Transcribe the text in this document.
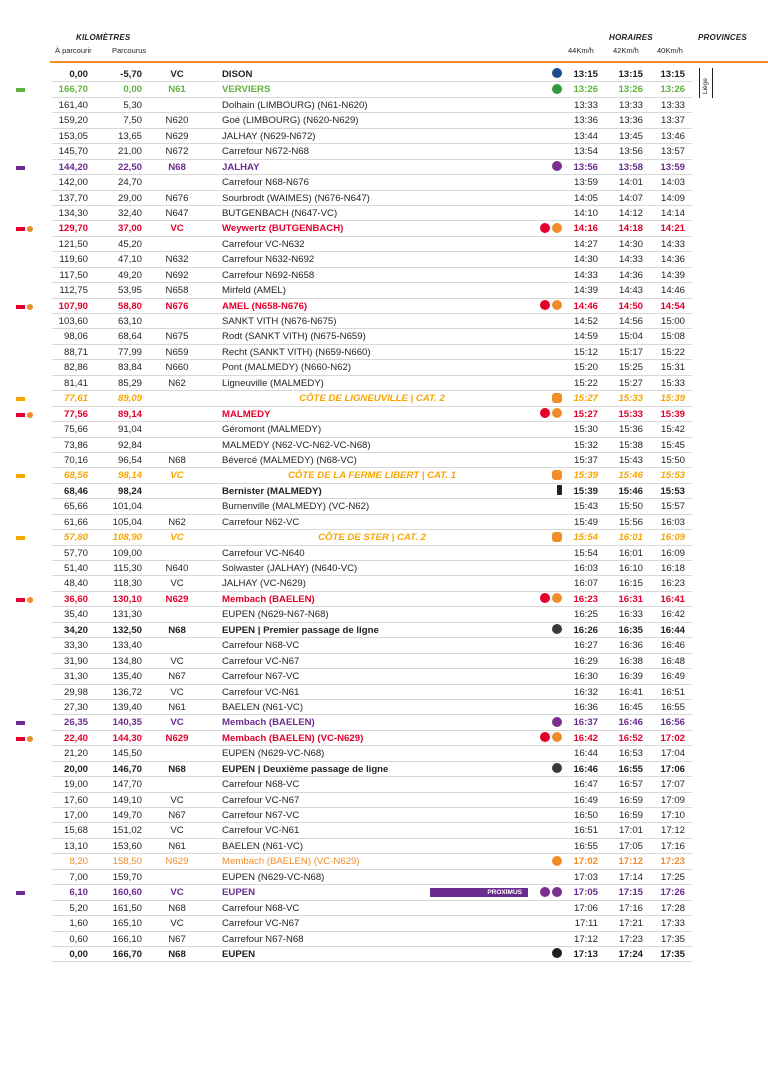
KILOMÈTRES
À parcourir	Parcourus
HORAIRES	PROVINCES
44Km/h	42Km/h 40Km/h
Liège
0,00	-5,70	VC	DISON	13:15	13:15	13:15
166,70	0,00	N61	VERVIERS	13:26	13:26	13:26
161,40	5,30	Dolhain (LIMBOURG) (N61-N620)	13:33	13:33	13:33
159,20	7,50	N620	Goé (LIMBOURG) (N620-N629)	13:36	13:36	13:37
153,05	13,65	N629	JALHAY (N629-N672)	13:44	13:45	13:46
145,70	21,00	N672	Carrefour N672-N68	13:54	13:56	13:57
144,20	22,50	N68	JALHAY	13:56	13:58	13:59
142,00	24,70	Carrefour N68-N676	13:59	14:01	14:03
137,70	29,00	N676	Sourbrodt (WAIMES) (N676-N647)	14:05	14:07	14:09
134,30	32,40	N647	BUTGENBACH (N647-VC)	14:10	14:12	14:14
129,70	37,00	VC	Weywertz (BUTGENBACH)	14:16	14:18	14:21
121,50	45,20	Carrefour VC-N632	14:27	14:30	14:33
119,60	47,10	N632	Carrefour N632-N692	14:30	14:33	14:36
117,50	49,20	N692	Carrefour N692-N658	14:33	14:36	14:39
112,75	53,95	N658	Mirfeld (AMEL)	14:39	14:43	14:46
107,90	58,80	N676	AMEL (N658-N676)	14:46	14:50	14:54
103,60	63,10	SANKT VITH (N676-N675)	14:52	14:56	15:00
98,06	68,64	N675	Rodt (SANKT VITH) (N675-N659)	14:59	15:04	15:08
88,71	77,99	N659	Recht (SANKT VITH) (N659-N660)	15:12	15:17	15:22
82,86	83,84	N660	Pont (MALMEDY) (N660-N62)	15:20	15:25	15:31
81,41	85,29	N62	Ligneuville (MALMEDY)	15:22	15:27	15:33
77,61	89,09	CÔTE DE LIGNEUVILLE | CAT. 2	15:27	15:33	15:39
77,56	89,14	MALMEDY	15:27	15:33	15:39
75,66	91,04	Géromont (MALMEDY)	15:30	15:36	15:42
73,86	92,84	MALMEDY (N62-VC-N62-VC-N68)	15:32	15:38	15:45
70,16	96,54	N68	Bévercé (MALMEDY) (N68-VC)	15:37	15:43	15:50
68,56	98,14	VC	CÔTE DE LA FERME LIBERT | CAT. 1	15:39	15:46	15:53
68,46	98,24	Bernister (MALMEDY)	15:39	15:46	15:53
65,66	101,04	Burnenville (MALMEDY) (VC-N62)	15:43	15:50	15:57
61,66	105,04	N62	Carrefour N62-VC	15:49	15:56	16:03
57,80	108,90	VC	CÔTE DE STER | CAT. 2	15:54	16:01	16:09
57,70	109,00	Carrefour VC-N640	15:54	16:01	16:09
51,40	115,30	N640	Solwaster (JALHAY) (N640-VC)	16:03	16:10	16:18
48,40	118,30	VC	JALHAY (VC-N629)	16:07	16:15	16:23
36,60	130,10	N629	Membach (BAELEN)	16:23	16:31	16:41
35,40	131,30	EUPEN (N629-N67-N68)	16:25	16:33	16:42
34,20	132,50	N68	EUPEN | Premier passage de ligne	16:26	16:35	16:44
33,30	133,40	Carrefour N68-VC	16:27	16:36	16:46
31,90	134,80	VC	Carrefour VC-N67	16:29	16:38	16:48
31,30	135,40	N67	Carrefour N67-VC	16:30	16:39	16:49
29,98	136,72	VC	Carrefour VC-N61	16:32	16:41	16:51
27,30	139,40	N61	BAELEN (N61-VC)	16:36	16:45	16:55
26,35	140,35	VC	Membach (BAELEN)	16:37	16:46	16:56
22,40	144,30	N629	Membach (BAELEN) (VC-N629)	16:42	16:52	17:02
21,20	145,50	EUPEN (N629-VC-N68)	16:44	16:53	17:04
20,00	146,70	N68	EUPEN | Deuxième passage de ligne	16:46	16:55	17:06
19,00	147,70	Carrefour N68-VC	16:47	16:57	17:07
17,60	149,10	VC	Carrefour VC-N67	16:49	16:59	17:09
17,00	149,70	N67	Carrefour N67-VC	16:50	16:59	17:10
15,68	151,02	VC	Carrefour VC-N61	16:51	17:01	17:12
13,10	153,60	N61	BAELEN (N61-VC)	16:55	17:05	17:16
8,20	158,50	N629	Membach (BAELEN) (VC-N629)	17:02	17:12	17:23
7,00	159,70	EUPEN (N629-VC-N68)	17:03	17:14	17:25
6,10	160,60	VC	EUPEN	17:05	17:15	17:26
PROXIMUS
5,20	161,50	N68	Carrefour N68-VC	17:06	17:16	17:28
1,60	165,10	VC	Carrefour VC-N67	17:11	17:21	17:33
0,60	166,10	N67	Carrefour N67-N68	17:12	17:23	17:35
0,00	166,70	N68	EUPEN	17:13	17:24	17:35
